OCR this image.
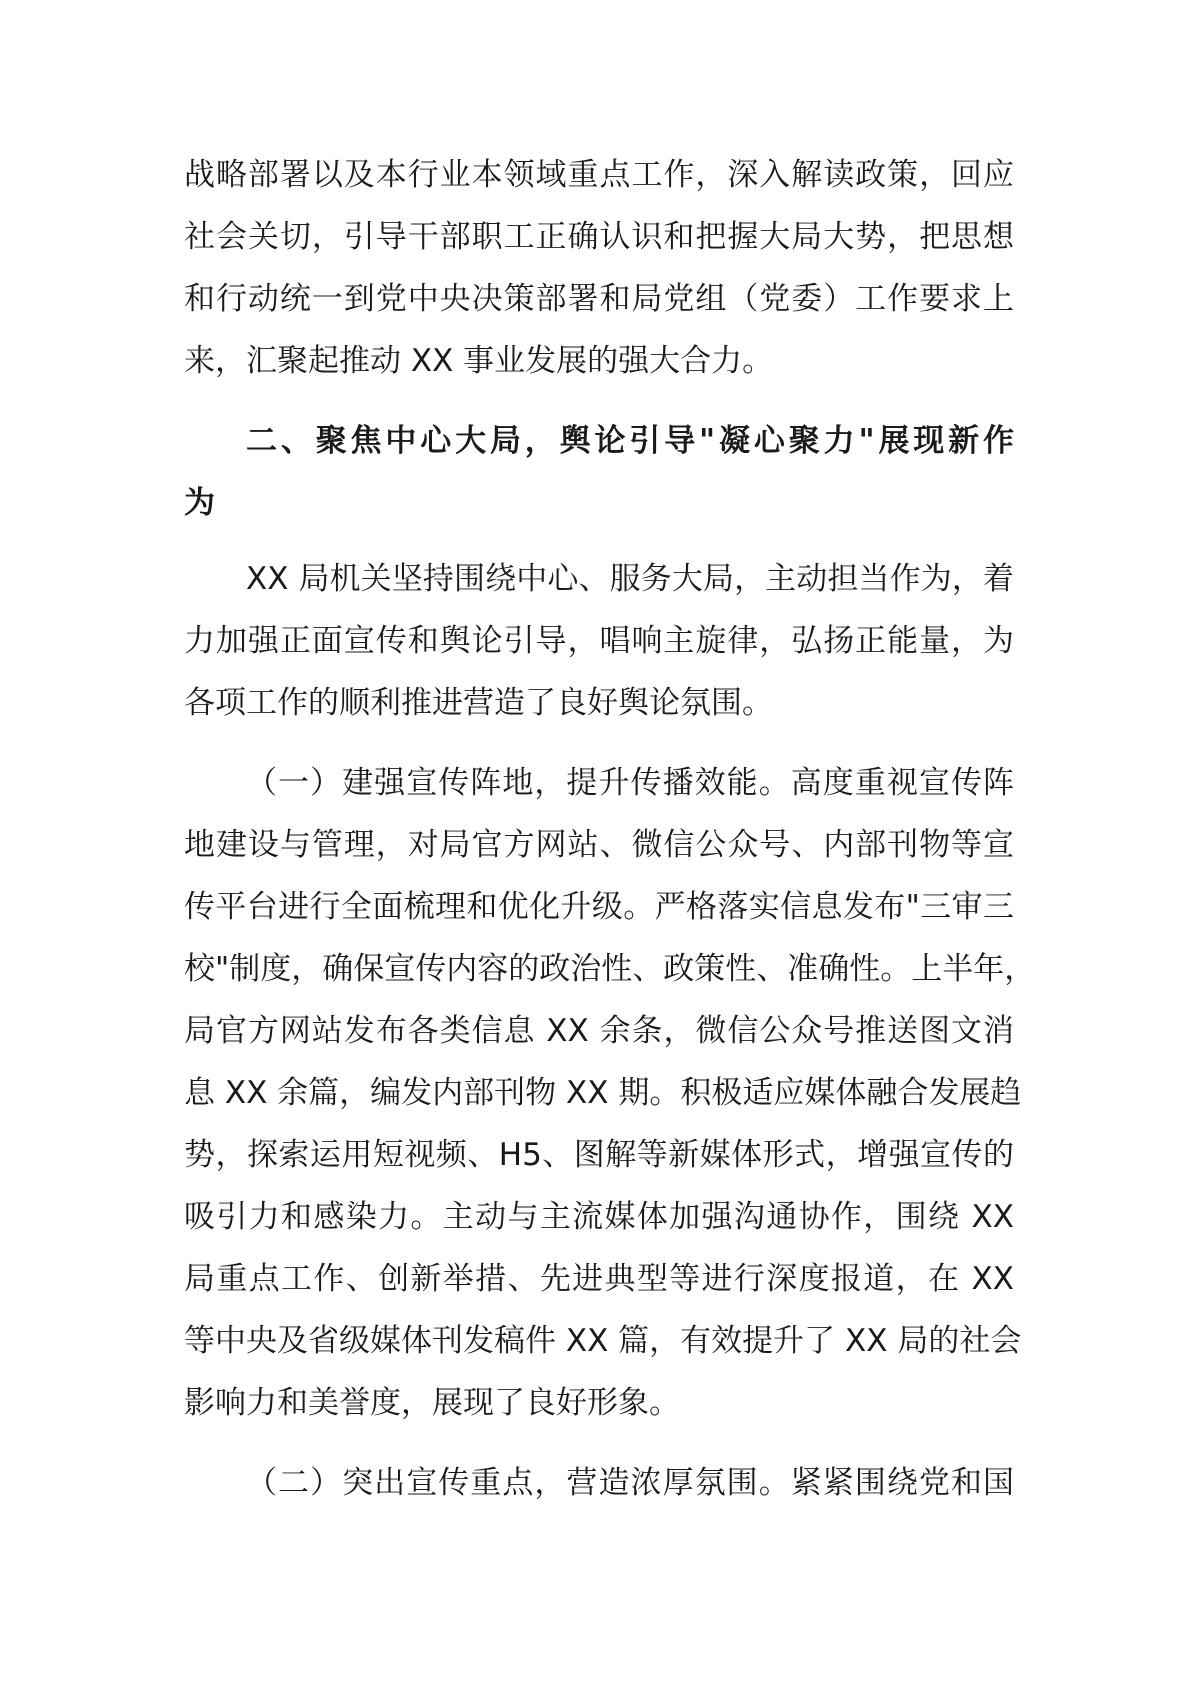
战略部署以及本行业本领域重点工作，深入解读政策，回应
社会关切，引导干部职工正确认识和把握大局大势，把思想
和行动统一到党中央决策部署和局党组（党委）工作要求上
来，汇聚起推动 XX 事业发展的强大合力。
二、聚焦中心大局，舆论引导"凝心聚力"展现新作
为
XX 局机关坚持围绕中心、服务大局，主动担当作为，着
力加强正面宣传和舆论引导，唱响主旋律，弘扬正能量，为
各项工作的顺利推进营造了良好舆论氛围。
（一）建强宣传阵地，提升传播效能。高度重视宣传阵
地建设与管理，对局官方网站、微信公众号、内部刊物等宣
传平台进行全面梳理和优化升级。严格落实信息发布"三审三
校"制度，确保宣传内容的政治性、政策性、准确性。上半年，
局官方网站发布各类信息 XX 余条，微信公众号推送图文消
息 XX 余篇，编发内部刊物 XX 期。积极适应媒体融合发展趋
势，探索运用短视频、H5、图解等新媒体形式，增强宣传的
吸引力和感染力。主动与主流媒体加强沟通协作，围绕 XX
局重点工作、创新举措、先进典型等进行深度报道，在 XX
等中央及省级媒体刊发稿件 XX 篇，有效提升了 XX 局的社会
影响力和美誉度，展现了良好形象。
（二）突出宣传重点，营造浓厚氛围。紧紧围绕党和国
